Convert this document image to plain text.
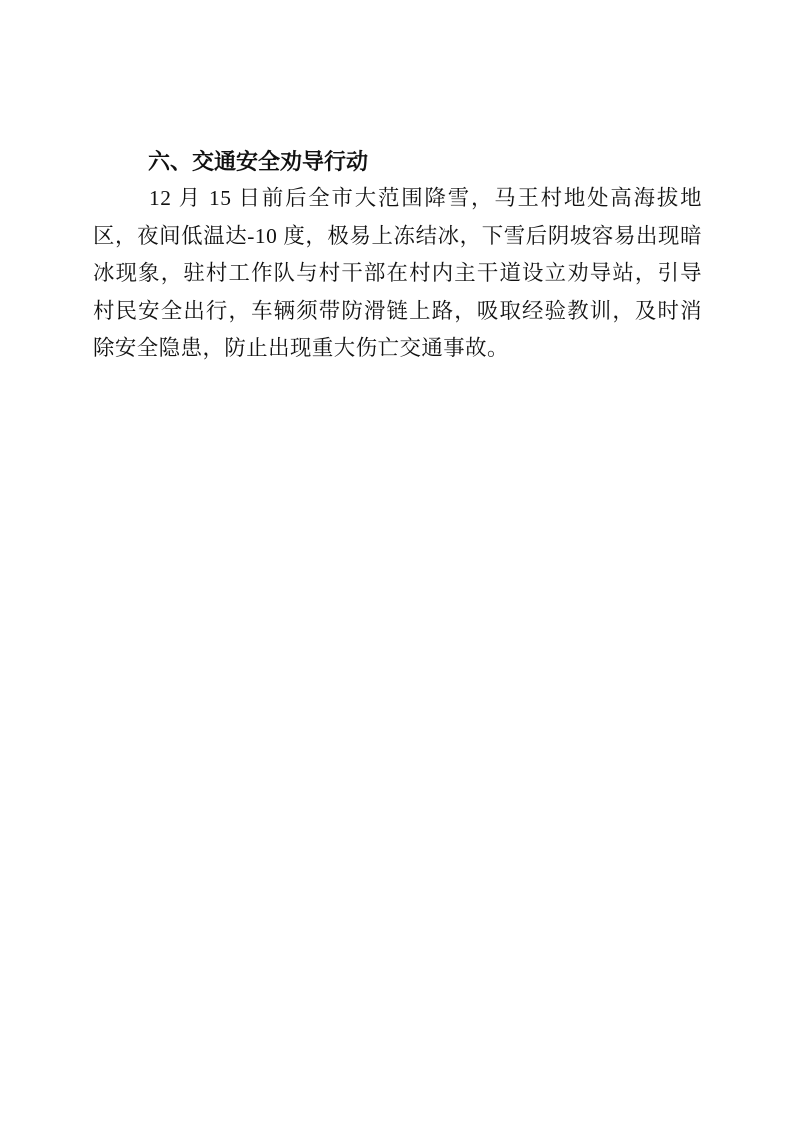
六、交通安全劝导行动

12 月 15 日前后全市大范围降雪，马王村地处高海拔地区，夜间低温达-10 度，极易上冻结冰，下雪后阴坡容易出现暗冰现象，驻村工作队与村干部在村内主干道设立劝导站，引导村民安全出行，车辆须带防滑链上路，吸取经验教训，及时消除安全隐患，防止出现重大伤亡交通事故。
